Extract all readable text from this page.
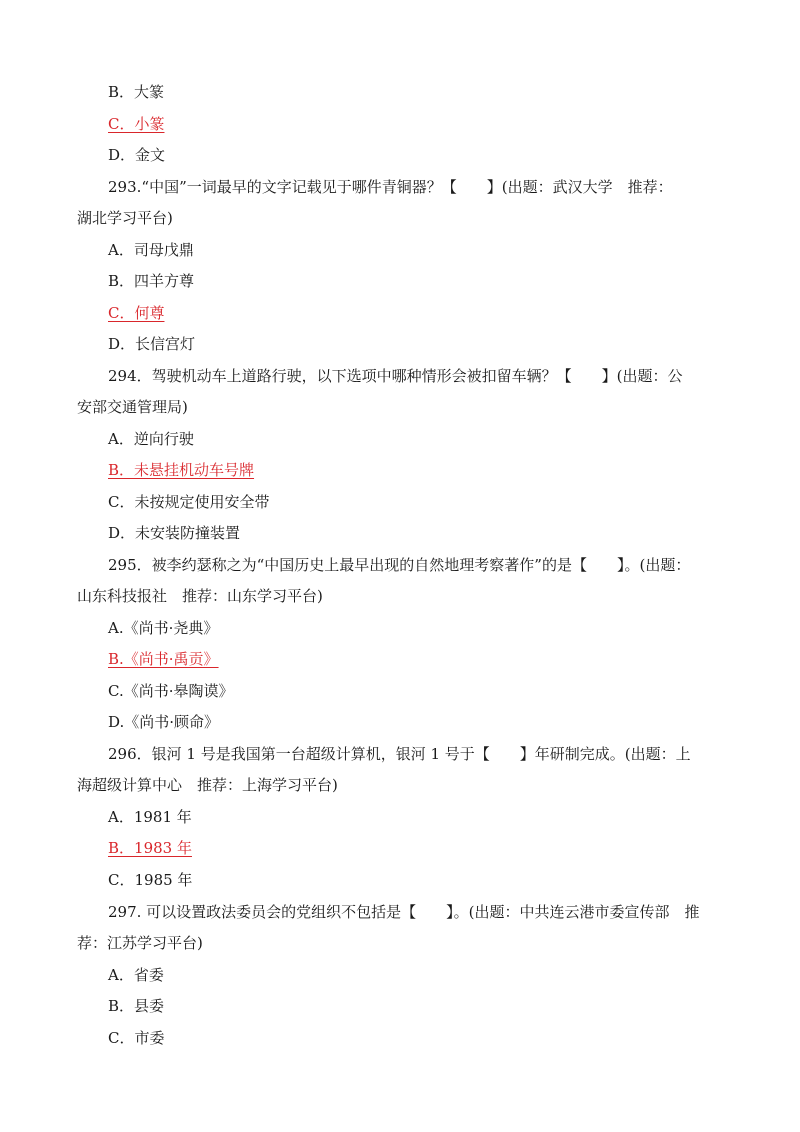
B．大篆
C．小篆
D．金文
293.“中国”一词最早的文字记载见于哪件青铜器？【　　】(出题：武汉大学　推荐：
湖北学习平台)
A．司母戊鼎
B．四羊方尊
C．何尊
D．长信宫灯
294．驾驶机动车上道路行驶，以下选项中哪种情形会被扣留车辆？【　　】(出题：公
安部交通管理局)
A．逆向行驶
B．未悬挂机动车号牌
C．未按规定使用安全带
D．未安装防撞装置
295．被李约瑟称之为“中国历史上最早出现的自然地理考察著作”的是【　　】。(出题：
山东科技报社　推荐：山东学习平台)
A.《尚书·尧典》
B.《尚书·禹贡》
C.《尚书·皋陶谟》
D.《尚书·顾命》
296．银河 1 号是我国第一台超级计算机，银河 1 号于【　　】年研制完成。(出题：上
海超级计算中心　推荐：上海学习平台)
A．1981 年
B．1983 年
C．1985 年
297. 可以设置政法委员会的党组织不包括是【　　】。(出题：中共连云港市委宣传部　推
荐：江苏学习平台)
A．省委
B．县委
C．市委
